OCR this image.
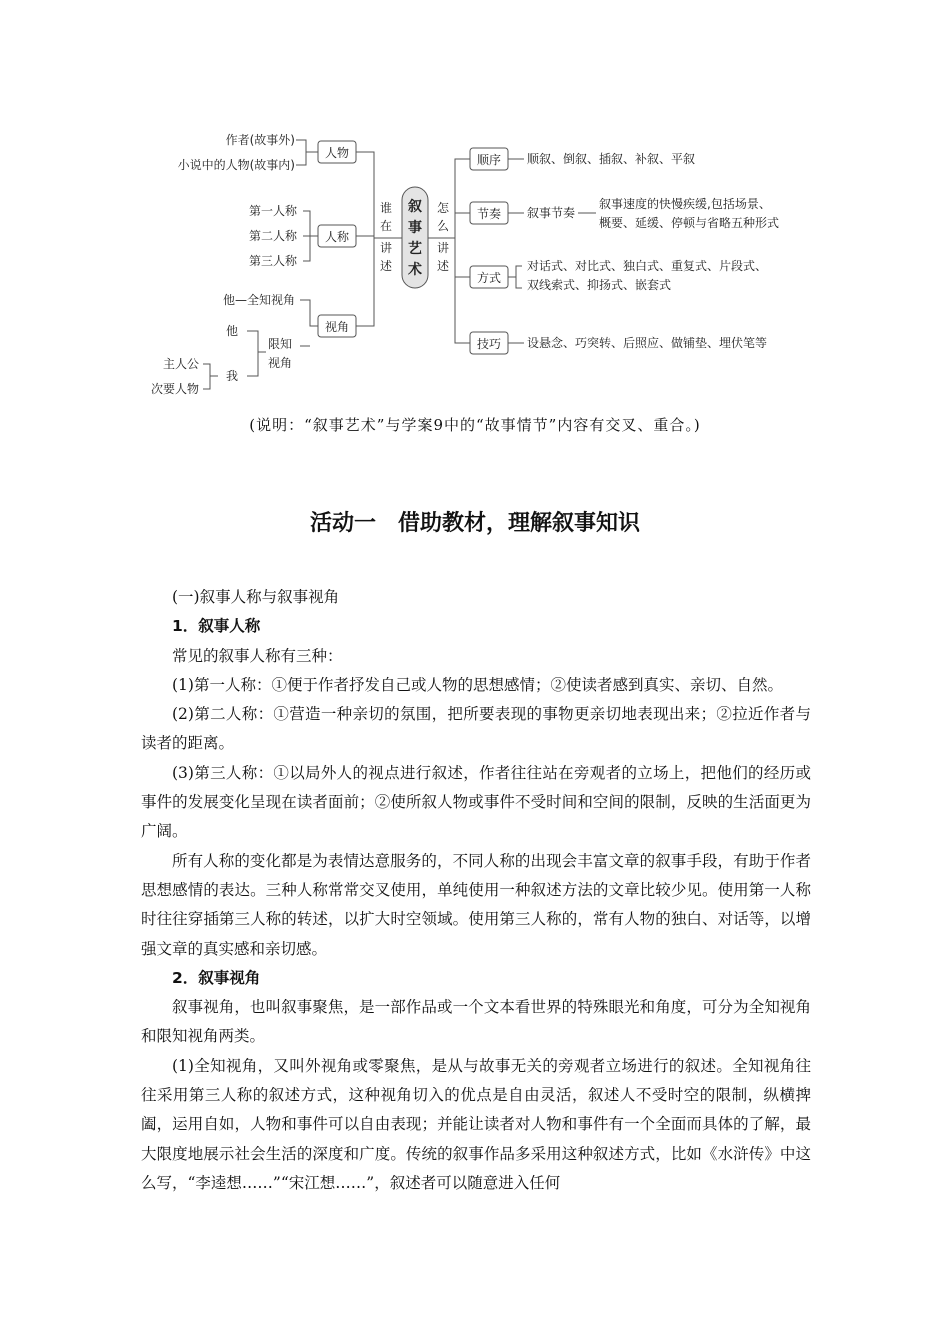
叙
事
艺
术
谁
在
讲
述
怎
么
讲
述
人物
人称
视角
作者(故事外)
小说中的人物(故事内)
第一人称
第二人称
第三人称
他—全知视角
他
我
主人公
次要人物
限知
视角
顺序
节奏
方式
技巧
顺叙、倒叙、插叙、补叙、平叙
叙事节奏
叙事速度的快慢疾缓,包括场景、
概要、延缓、停顿与省略五种形式
对话式、对比式、独白式、重复式、片段式、
双线索式、抑扬式、嵌套式
设悬念、巧突转、后照应、做铺垫、埋伏笔等
(说明：“叙事艺术”与学案9中的“故事情节”内容有交叉、重合。)
活动一 借助教材，理解叙事知识

(一)叙事人称与叙事视角

1．叙事人称

常见的叙事人称有三种：

(1)第一人称：①便于作者抒发自己或人物的思想感情；②使读者感到真实、亲切、自然。

(2)第二人称：①营造一种亲切的氛围，把所要表现的事物更亲切地表现出来；②拉近作者与读者的距离。

(3)第三人称：①以局外人的视点进行叙述，作者往往站在旁观者的立场上，把他们的经历或事件的发展变化呈现在读者面前；②使所叙人物或事件不受时间和空间的限制，反映的生活面更为广阔。

所有人称的变化都是为表情达意服务的，不同人称的出现会丰富文章的叙事手段，有助于作者思想感情的表达。三种人称常常交叉使用，单纯使用一种叙述方法的文章比较少见。使用第一人称时往往穿插第三人称的转述，以扩大时空领域。使用第三人称的，常有人物的独白、对话等，以增强文章的真实感和亲切感。

2．叙事视角

叙事视角，也叫叙事聚焦，是一部作品或一个文本看世界的特殊眼光和角度，可分为全知视角和限知视角两类。

(1)全知视角，又叫外视角或零聚焦，是从与故事无关的旁观者立场进行的叙述。全知视角往往采用第三人称的叙述方式，这种视角切入的优点是自由灵活，叙述人不受时空的限制，纵横捭阖，运用自如，人物和事件可以自由表现；并能让读者对人物和事件有一个全面而具体的了解，最大限度地展示社会生活的深度和广度。传统的叙事作品多采用这种叙述方式，比如《水浒传》中这么写，“李逵想……”“宋江想……”，叙述者可以随意进入任何
